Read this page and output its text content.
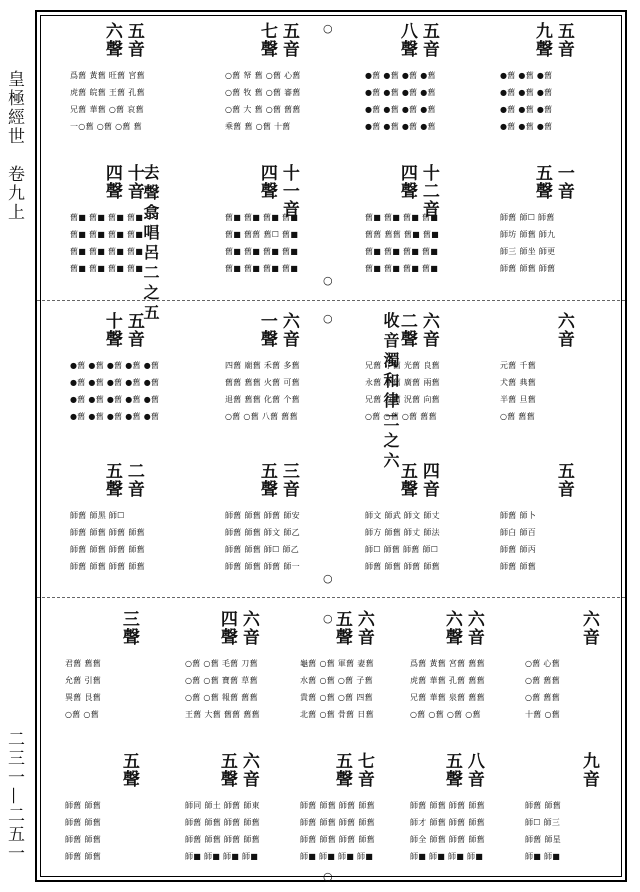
皇極經世　卷九上
二三一—二五一
○
○
○
○
○
○
五音
九聲
●舊 ●舊 ●舊
●舊 ●舊 ●舊
●舊 ●舊 ●舊
●舊 ●舊 ●舊
五音
八聲
●舊 ●舊 ●舊 ●舊
●舊 ●舊 ●舊 ●舊
●舊 ●舊 ●舊 ●舊
●舊 ●舊 ●舊 ●舊
五音
七聲
○舊 帑 舊 ○舊 心舊
○舊 牧 舊 ○舊 審舊
○舊 大 舊 ○舊 舊舊
乘舊 舊 ○舊 十舊
五音
六聲
爲舊 黃舊 旺舊 宮舊
虎舊 皖舊 王舊 孔舊
兄舊 華舊 ○舊 哀舊
一○舊 ○舊 ○舊 舊
一音
五聲
師舊 師☐ 師舊
師坊 師舊 師九
師三 師坐 師更
師舊 師舊 師舊
十二音
四聲
舊■ 舊■ 舊■ 舊■
舊舊 舊舊 舊■ 舊■
舊■ 舊■ 舊■ 舊■
舊■ 舊■ 舊■ 舊■
十一音
四聲
舊■ 舊■ 舊■ 舊■
舊■ 舊舊 舊☐ 舊■
舊■ 舊■ 舊■ 舊■
舊■ 舊■ 舊■ 舊■
十音
四聲
舊■ 舊■ 舊■ 舊■
舊■ 舊■ 舊■ 舊■
舊■ 舊■ 舊■ 舊■
舊■ 舊■ 舊■ 舊■
去聲翕唱呂二之五
六音
元舊 千舊
犬舊 典舊
半舊 旦舊
○舊 舊舊
六音
二聲
兄舊 丁舊 光舊 良舊
永舊 井舊 廣舊 兩舊
兄舊 亘舊 況舊 向舊
○舊 ○舊 ○舊 舊舊
六音
一聲
四舊 廟舊 禾舊 多舊
舊舊 舊舊 火舊 可舊
退舊 舊舊 化舊 个舊
○舊 ○舊 八舊 舊舊
五音
十聲
●舊 ●舊 ●舊 ●舊 ●舊
●舊 ●舊 ●舊 ●舊 ●舊
●舊 ●舊 ●舊 ●舊 ●舊
●舊 ●舊 ●舊 ●舊 ●舊	收音濁和律二之六
五音
師舊 師卜
師白 師百
師舊 師丙
師舊 師舊
四音
五聲
師文 師武 師文 師丈
師方 師舊 師丈 師法
師☐ 師舊 師舊 師☐
師舊 師舊 師舊 師舊
三音
五聲
師舊 師舊 師舊 師安
師舊 師舊 師文 師乙
師舊 師舊 師☐ 師乙
師舊 師舊 師舊 師一
二音
五聲
師舊 師黑 師☐
師舊 師舊 師舊 師舊
師舊 師舊 師舊 師舊
師舊 師舊 師舊 師舊
六音
○舊 心舊
○舊 舊舊
○舊 舊舊
十舊 ○舊
六音
六聲
爲舊 黃舊 宮舊 舊舊
虎舊 華舊 孔舊 舊舊
兄舊 華舊 泉舊 舊舊
○舊 ○舊 ○舊 ○舊
六音
五聲
龜舊 ○舊 軍舊 妻舊
水舊 ○舊 ○舊 子舊
貴舊 ○舊 ○舊 四舊
北舊 ○舊 骨舊 日舊
六音
四聲
○舊 ○舊 毛舊 刀舊
○舊 ○舊 寶舊 草舊
○舊 ○舊 報舊 舊舊
王舊 大舊 舊舊 舊舊
三聲
君舊 舊舊
允舊 引舊
異舊 艮舊
○舊 ○舊
九音
師舊 師舊
師☐ 師三
師舊 師星
師■ 師■
八音
五聲
師舊 師舊 師舊 師舊
師才 師舊 師舊 師舊
師全 師舊 師舊 師舊
師■ 師■ 師■ 師■
七音
五聲
師舊 師舊 師舊 師舊
師舊 師舊 師舊 師舊
師舊 師舊 師舊 師舊
師■ 師■ 師■ 師■
六音
五聲
師同 師土 師舊 師東
師舊 師舊 師舊 師舊
師舊 師舊 師舊 師舊
師■ 師■ 師■ 師■
五聲
師舊 師舊
師舊 師舊
師舊 師舊
師舊 師舊
